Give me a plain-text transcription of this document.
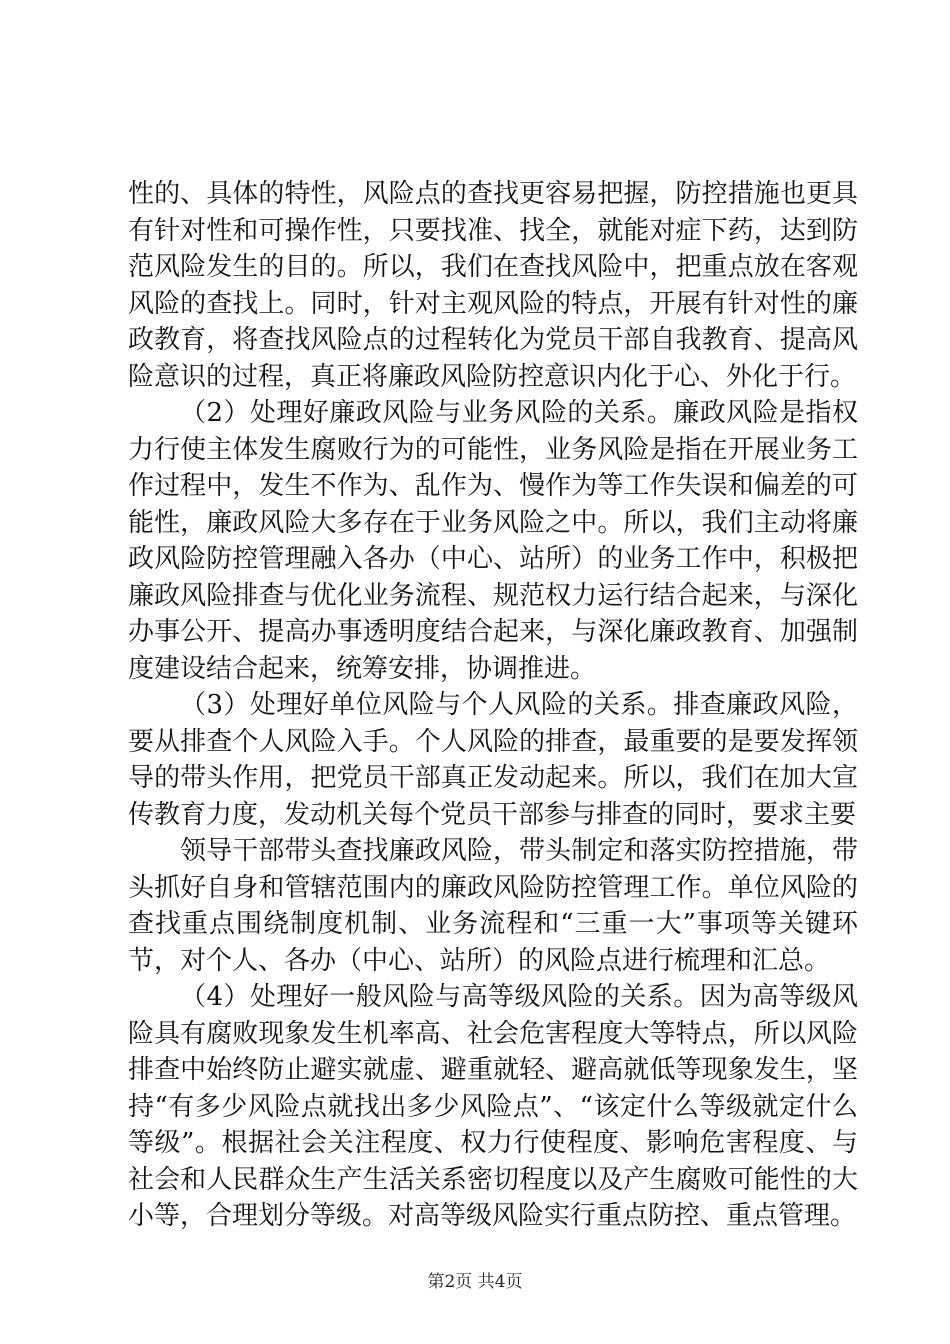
性的、具体的特性，风险点的查找更容易把握，防控措施也更具有针对性和可操作性，只要找准、找全，就能对症下药，达到防范风险发生的目的。所以，我们在查找风险中，把重点放在客观风险的查找上。同时，针对主观风险的特点，开展有针对性的廉政教育，将查找风险点的过程转化为党员干部自我教育、提高风险意识的过程，真正将廉政风险防控意识内化于心、外化于行。

（2）处理好廉政风险与业务风险的关系。廉政风险是指权力行使主体发生腐败行为的可能性，业务风险是指在开展业务工作过程中，发生不作为、乱作为、慢作为等工作失误和偏差的可能性，廉政风险大多存在于业务风险之中。所以，我们主动将廉政风险防控管理融入各办（中心、站所）的业务工作中，积极把廉政风险排查与优化业务流程、规范权力运行结合起来，与深化办事公开、提高办事透明度结合起来，与深化廉政教育、加强制度建设结合起来，统筹安排，协调推进。

（3）处理好单位风险与个人风险的关系。排查廉政风险，要从排查个人风险入手。个人风险的排查，最重要的是要发挥领导的带头作用，把党员干部真正发动起来。所以，我们在加大宣传教育力度，发动机关每个党员干部参与排查的同时，要求主要

领导干部带头查找廉政风险，带头制定和落实防控措施，带头抓好自身和管辖范围内的廉政风险防控管理工作。单位风险的查找重点围绕制度机制、业务流程和“三重一大”事项等关键环节，对个人、各办（中心、站所）的风险点进行梳理和汇总。

（4）处理好一般风险与高等级风险的关系。因为高等级风险具有腐败现象发生机率高、社会危害程度大等特点，所以风险排查中始终防止避实就虚、避重就轻、避高就低等现象发生，坚持“有多少风险点就找出多少风险点”、“该定什么等级就定什么等级”。根据社会关注程度、权力行使程度、影响危害程度、与社会和人民群众生产生活关系密切程度以及产生腐败可能性的大小等，合理划分等级。对高等级风险实行重点防控、重点管理。

第2页 共4页
